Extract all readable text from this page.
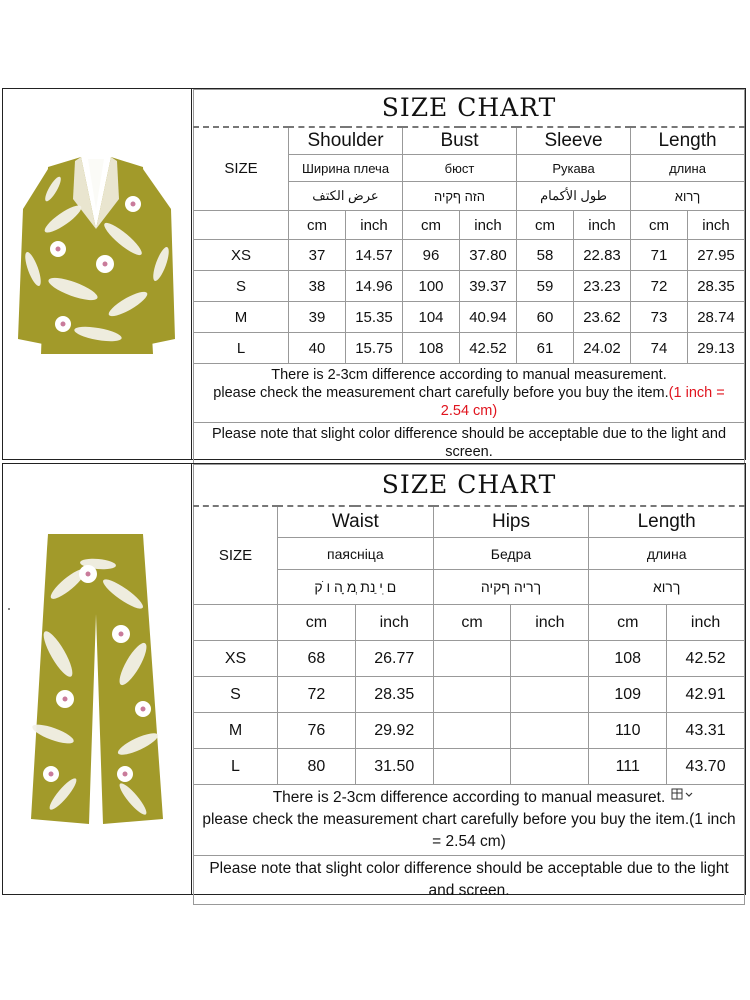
SIZE CHART								
SIZE	Shoulder		Bust		Sleeve		Length	
	Ширина плеча		бюст		Рукава		длина	
	عرض الكتف		הזה ףקיה		طول الأكمام		ךרוא	
	cm	inch	cm	inch	cm	inch	cm	inch
XS	37	14.57	96	37.80	58	22.83	71	27.95
S	38	14.96	100	39.37	59	23.23	72	28.35
M	39	15.35	104	40.94	60	23.62	73	28.74
L	40	15.75	108	42.52	61	24.02	74	29.13

There is 2-3cm difference according to manual measurement.
please check the measurement chart carefully before you buy the item.(1 inch = 2.54 cm)								

Please note that slight color difference should be acceptable due to the light and screen.								
SIZE CHART						
SIZE	Waist		Hips		Length	
	паясніца		Бедра		длина	
	ם ִי ַנת ְמ ָה ו ֹק		ךריה ףקיה		ךרוא	
	cm	inch	cm	inch	cm	inch
XS	68	26.77			108	42.52
S	72	28.35			109	42.91
M	76	29.92			110	43.31
L	80	31.50			111	43.70

There is 2-3cm difference according to manual measuret.
please check the measurement chart carefully before you buy the item.(1 inch = 2.54 cm)						

Please note that slight color difference should be acceptable due to the light and screen.						
